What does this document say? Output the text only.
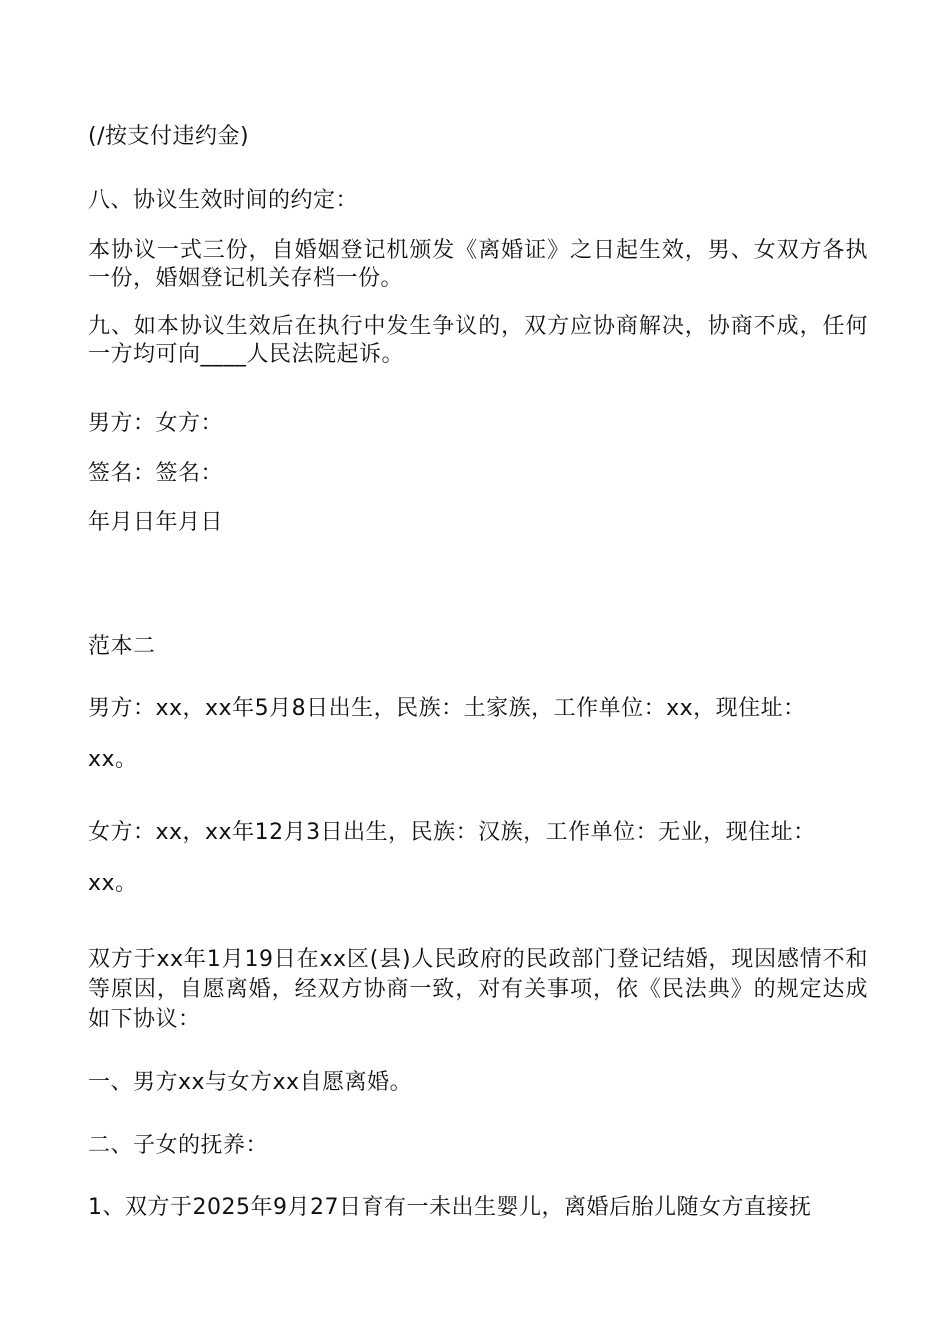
(/按支付违约金)
八、协议生效时间的约定：
本协议一式三份，自婚姻登记机颁发《离婚证》之日起生效，男、女双方各执一份，婚姻登记机关存档一份。
九、如本协议生效后在执行中发生争议的，双方应协商解决，协商不成，任何一方均可向____人民法院起诉。
男方：女方：
签名：签名：
年月日年月日
范本二
男方：xx，xx年5月8日出生，民族：土家族，工作单位：xx，现住址：
xx。
女方：xx，xx年12月3日出生，民族：汉族，工作单位：无业，现住址：
xx。
双方于xx年1月19日在xx区(县)人民政府的民政部门登记结婚，现因感情不和等原因，自愿离婚，经双方协商一致，对有关事项，依《民法典》的规定达成如下协议：
一、男方xx与女方xx自愿离婚。
二、子女的抚养：
1、双方于2025年9月27日育有一未出生婴儿，离婚后胎儿随女方直接抚
